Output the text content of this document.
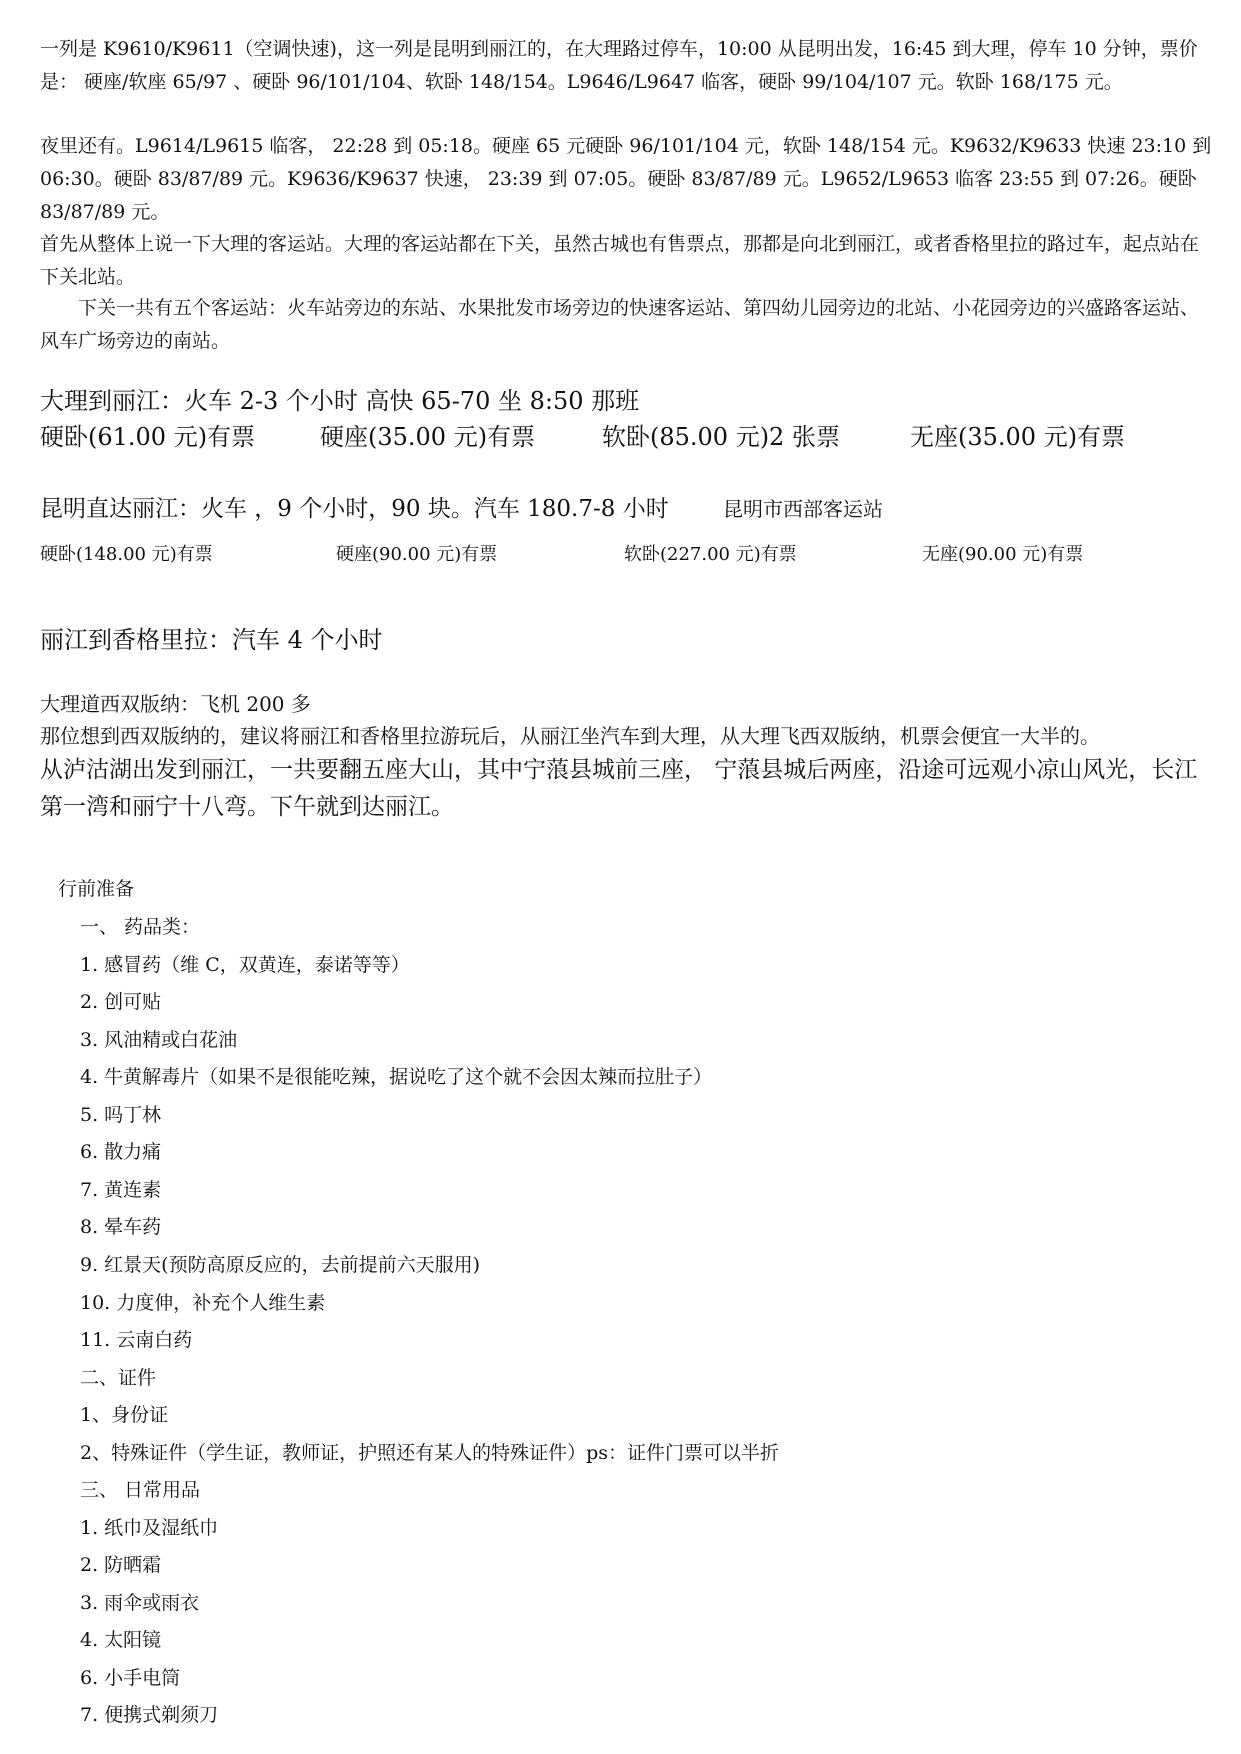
一列是 K9610/K9611（空调快速)，这一列是昆明到丽江的，在大理路过停车，10:00 从昆明出发，16:45 到大理，停车 10 分钟，票价是： 硬座/软座 65/97 、硬卧 96/101/104、软卧 148/154。L9646/L9647 临客，硬卧 99/104/107 元。软卧 168/175 元。

夜里还有。L9614/L9615 临客， 22:28 到 05:18。硬座 65 元硬卧 96/101/104 元，软卧 148/154 元。K9632/K9633 快速 23:10 到 06:30。硬卧 83/87/89 元。K9636/K9637 快速， 23:39 到 07:05。硬卧 83/87/89 元。L9652/L9653 临客 23:55 到 07:26。硬卧 83/87/89 元。

首先从整体上说一下大理的客运站。大理的客运站都在下关，虽然古城也有售票点，那都是向北到丽江，或者香格里拉的路过车，起点站在下关北站。

下关一共有五个客运站：火车站旁边的东站、水果批发市场旁边的快速客运站、第四幼儿园旁边的北站、小花园旁边的兴盛路客运站、风车广场旁边的南站。

大理到丽江：火车 2-3 个小时 高快 65-70 坐 8:50 那班

硬卧(61.00 元)有票	硬座(35.00 元)有票	软卧(85.00 元)2 张票	无座(35.00 元)有票
昆明直达丽江：火车 ，9 个小时，90 块。汽车 180.7-8 小时	昆明市西部客运站
硬卧(148.00 元)有票	硬座(90.00 元)有票	软卧(227.00 元)有票	无座(90.00 元)有票

丽江到香格里拉：汽车 4 个小时

大理道西双版纳：飞机 200 多

那位想到西双版纳的，建议将丽江和香格里拉游玩后，从丽江坐汽车到大理，从大理飞西双版纳，机票会便宜一大半的。

从泸沽湖出发到丽江，一共要翻五座大山，其中宁蒗县城前三座， 宁蒗县城后两座，沿途可远观小凉山风光，长江第一湾和丽宁十八弯。下午就到达丽江。

行前准备
一、 药品类：
1. 感冒药（维 C，双黄连，泰诺等等）
2. 创可贴
3. 风油精或白花油
4. 牛黄解毒片（如果不是很能吃辣，据说吃了这个就不会因太辣而拉肚子）
5. 吗丁林
6. 散力痛
7. 黄连素
8. 晕车药
9. 红景天(预防高原反应的，去前提前六天服用)
10. 力度伸，补充个人维生素
11. 云南白药
二、证件
1、身份证
2、特殊证件（学生证，教师证，护照还有某人的特殊证件）ps：证件门票可以半折
三、 日常用品
1. 纸巾及湿纸巾
2. 防晒霜
3. 雨伞或雨衣
4. 太阳镜
6. 小手电筒
7. 便携式剃须刀
